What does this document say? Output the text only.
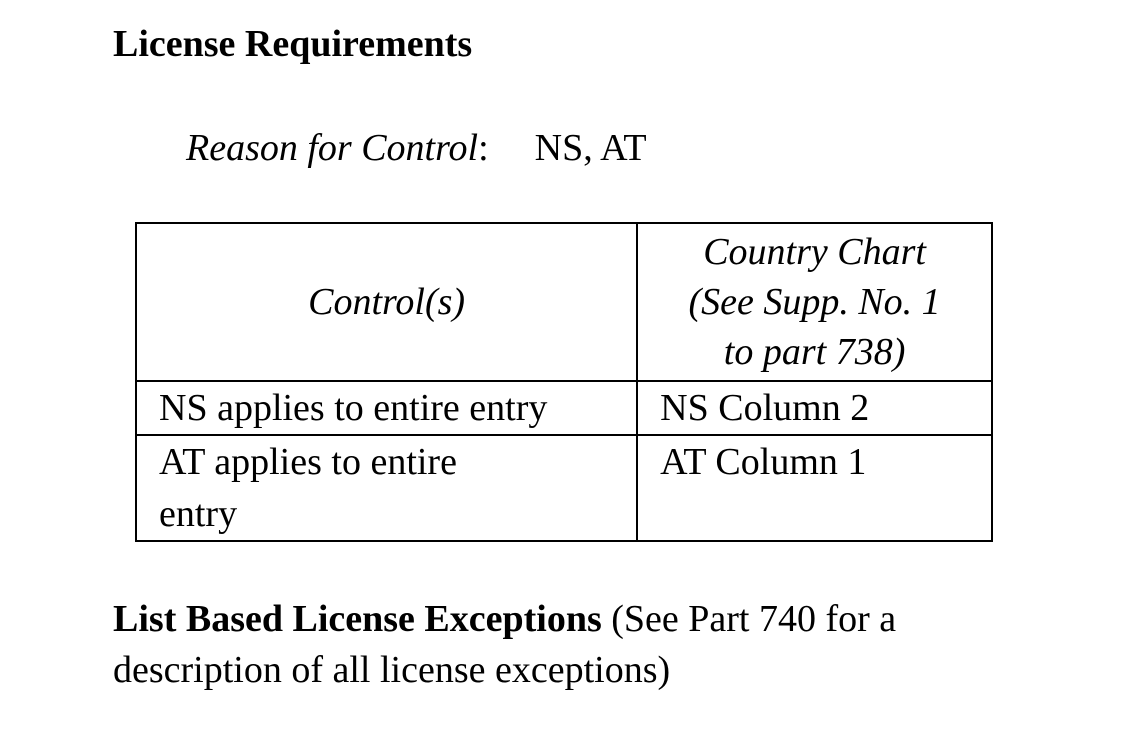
License Requirements
Reason for Control: NS, AT
Control(s)	Country Chart
(See Supp. No. 1
to part 738)

NS applies to entire entry	NS Column 2

AT applies to entire entry	AT Column 1
List Based License Exceptions (See Part 740 for a description of all license exceptions)
